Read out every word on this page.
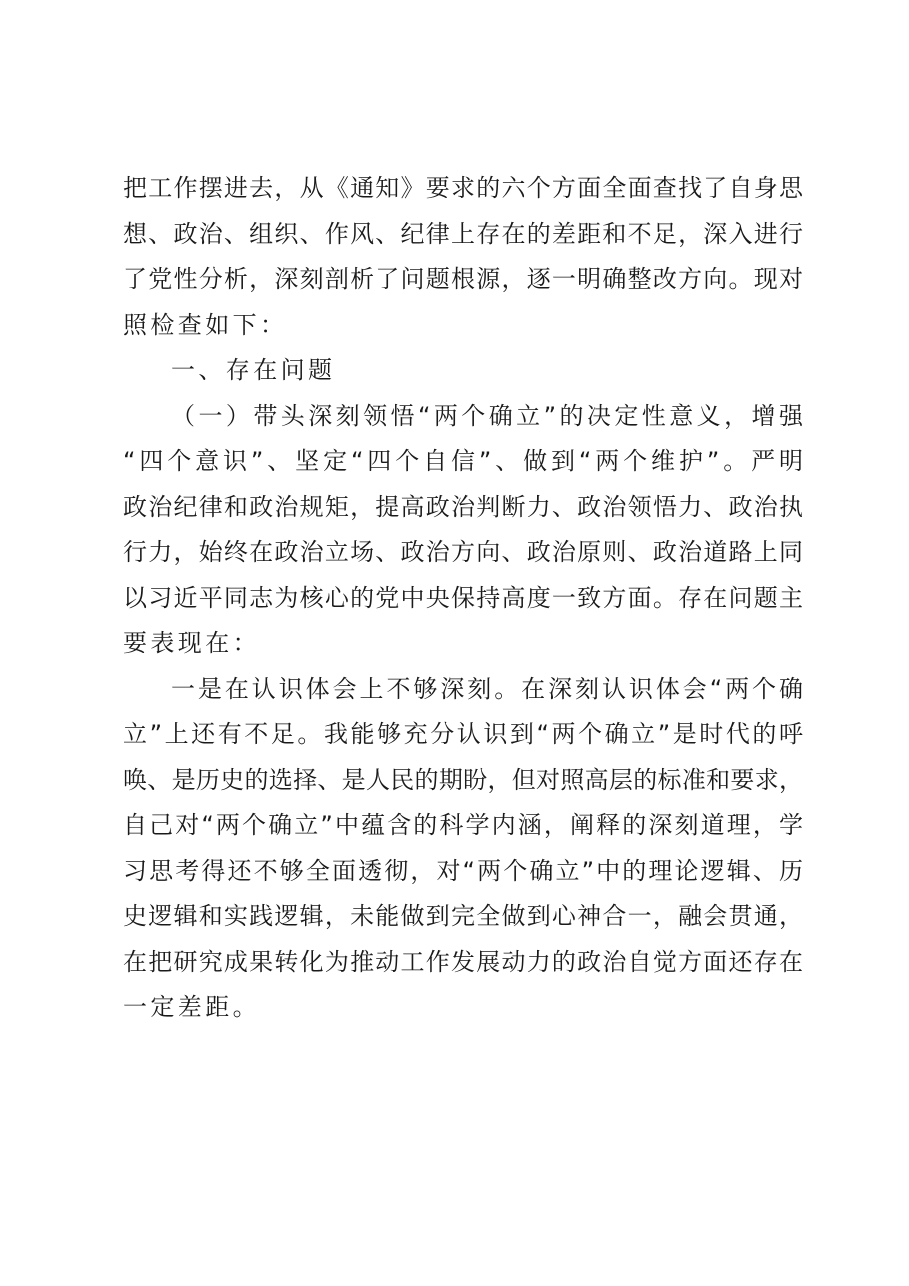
把工作摆进去，从《通知》要求的六个方面全面查找了自身思
想、政治、组织、作风、纪律上存在的差距和不足，深入进行
了党性分析，深刻剖析了问题根源，逐一明确整改方向。现对
照检查如下：
一、存在问题
（一）带头深刻领悟“两个确立”的决定性意义，增强
“四个意识”、坚定“四个自信”、做到“两个维护”。严明
政治纪律和政治规矩，提高政治判断力、政治领悟力、政治执
行力，始终在政治立场、政治方向、政治原则、政治道路上同
以习近平同志为核心的党中央保持高度一致方面。存在问题主
要表现在：
一是在认识体会上不够深刻。在深刻认识体会“两个确
立”上还有不足。我能够充分认识到“两个确立”是时代的呼
唤、是历史的选择、是人民的期盼，但对照高层的标准和要求，
自己对“两个确立”中蕴含的科学内涵，阐释的深刻道理，学
习思考得还不够全面透彻，对“两个确立”中的理论逻辑、历
史逻辑和实践逻辑，未能做到完全做到心神合一，融会贯通，
在把研究成果转化为推动工作发展动力的政治自觉方面还存在
一定差距。
